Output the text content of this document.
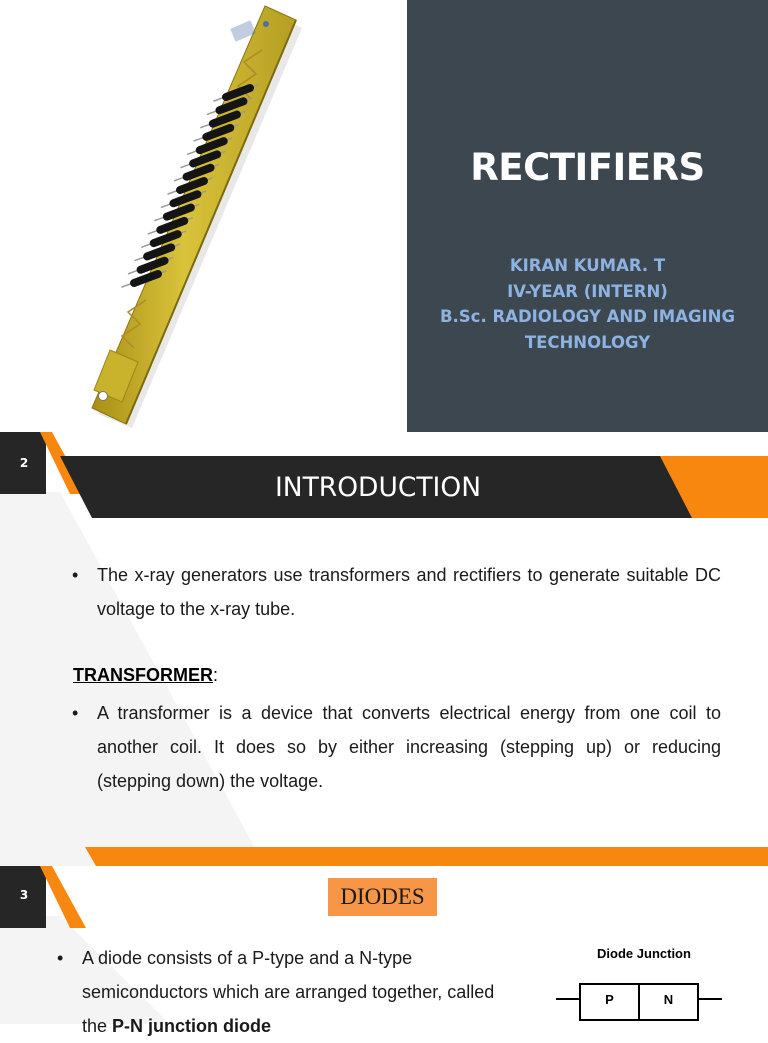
RECTIFIERS
KIRAN KUMAR. T
IV-YEAR (INTERN)
B.Sc. RADIOLOGY AND IMAGING
TECHNOLOGY
2
INTRODUCTION
• The x-ray generators use transformers and rectifiers to generate suitable DC voltage to the x-ray tube.
TRANSFORMER:
• A transformer is a device that converts electrical energy from one coil to another coil. It does so by either increasing (stepping up) or reducing (stepping down) the voltage.
3	DIODES
• A diode consists of a P-type and a N-type
semiconductors which are arranged together, called
the P-N junction diode
Diode Junction
P	N
